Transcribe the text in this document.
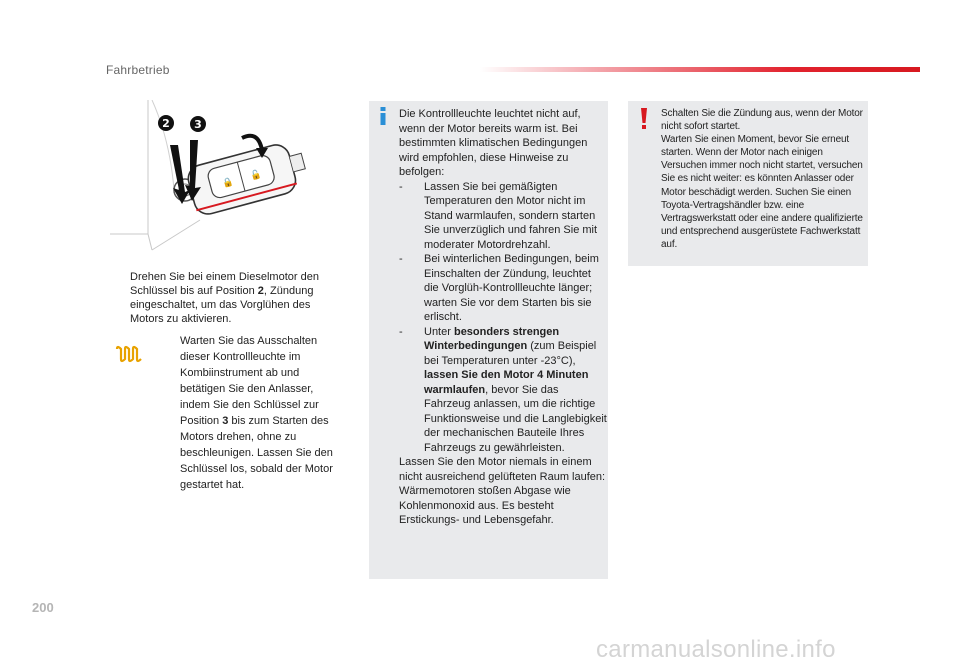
Fahrbetrieb
🔒
🔓
2 3
Drehen Sie bei einem Dieselmotor den Schlüssel bis auf Position 2, Zündung eingeschaltet, um das Vorglühen des Motors zu aktivieren.
Warten Sie das Ausschalten dieser Kontrollleuchte im Kombiinstrument ab und betätigen Sie den Anlasser, indem Sie den Schlüssel zur Position 3 bis zum Starten des Motors drehen, ohne zu beschleunigen. Lassen Sie den Schlüssel los, sobald der Motor gestartet hat.

Die Kontrollleuchte leuchtet nicht auf, wenn der Motor bereits warm ist. Bei bestimmten klimatischen Bedingungen wird empfohlen, diese Hinweise zu befolgen:

- Lassen Sie bei gemäßigten Temperaturen den Motor nicht im Stand warmlaufen, sondern starten Sie unverzüglich und fahren Sie mit moderater Motordrehzahl.

- Bei winterlichen Bedingungen, beim Einschalten der Zündung, leuchtet die Vorglüh-Kontrollleuchte länger; warten Sie vor dem Starten bis sie erlischt.

- Unter besonders strengen Winterbedingungen (zum Beispiel bei Temperaturen unter -23°C), lassen Sie den Motor 4 Minuten warmlaufen, bevor Sie das Fahrzeug anlassen, um die richtige Funktionsweise und die Langlebigkeit der mechanischen Bauteile Ihres Fahrzeugs zu gewährleisten.

Lassen Sie den Motor niemals in einem nicht ausreichend gelüfteten Raum laufen: Wärmemotoren stoßen Abgase wie Kohlenmonoxid aus. Es besteht Erstickungs- und Lebensgefahr.

Schalten Sie die Zündung aus, wenn der Motor nicht sofort startet.
Warten Sie einen Moment, bevor Sie erneut starten. Wenn der Motor nach einigen Versuchen immer noch nicht startet, versuchen Sie es nicht weiter: es könnten Anlasser oder Motor beschädigt werden. Suchen Sie einen Toyota-Vertragshändler bzw. eine Vertragswerkstatt oder eine andere qualifizierte und entsprechend ausgerüstete Fachwerkstatt auf.
200
carmanualsonline.info
